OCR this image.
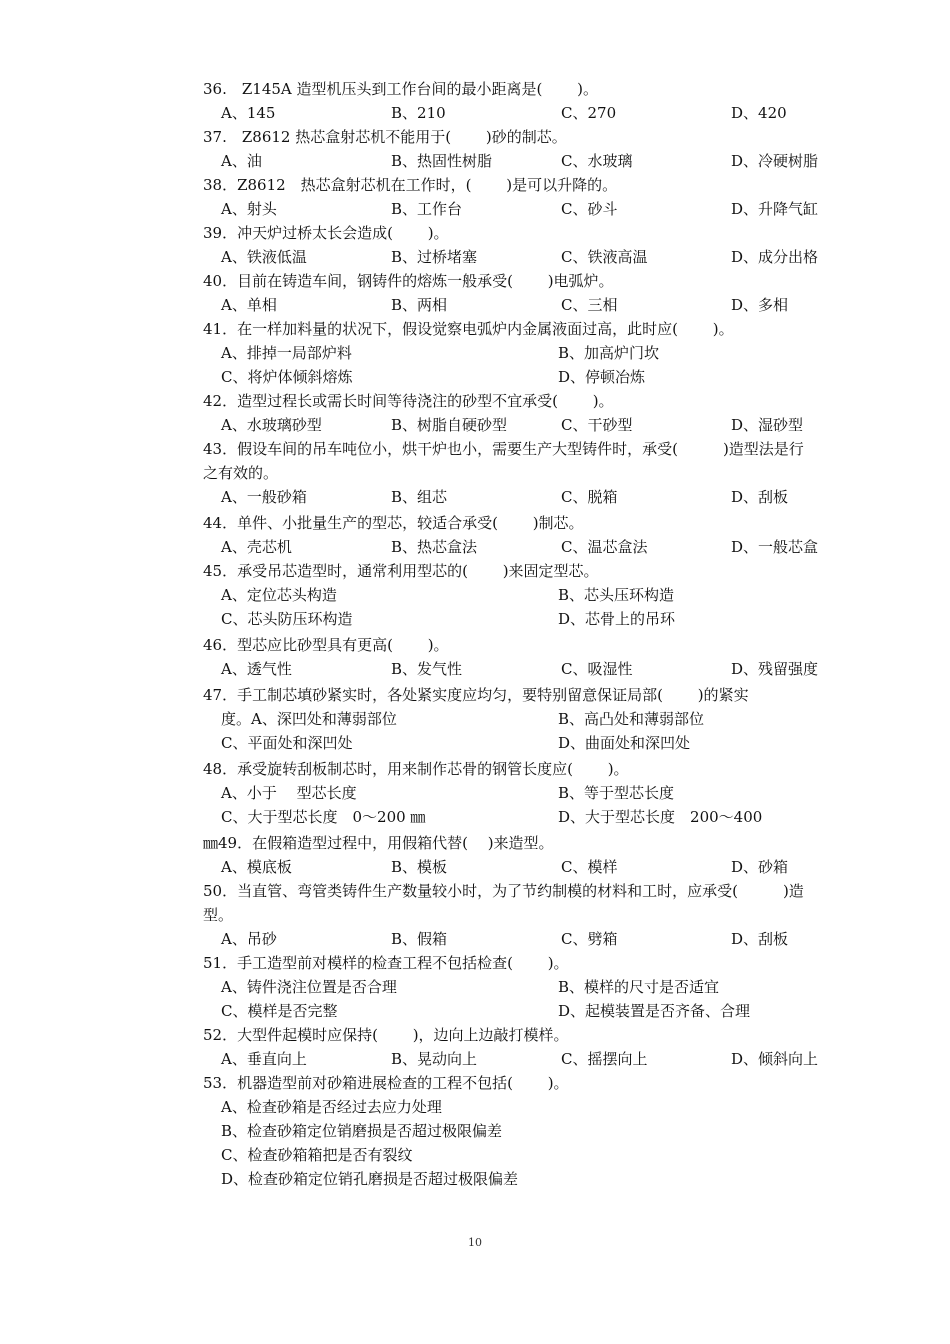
36.　Z145A 造型机压头到工作台间的最小距离是(　　 )。
A、145	B、210	C、270	D、420
37.　Z8612 热芯盒射芯机不能用于(　　 )砂的制芯。
A、油	B、热固性树脂	C、水玻璃	D、冷硬树脂
38．Z8612　热芯盒射芯机在工作时，(　　 )是可以升降的。
A、射头	B、工作台	C、砂斗	D、升降气缸
39．冲天炉过桥太长会造成(　　 )。
A、铁液低温	B、过桥堵塞	C、铁液高温	D、成分出格
40．目前在铸造车间，钢铸件的熔炼一般承受(　　 )电弧炉。
A、单相	B、两相	C、三相	D、多相
41．在一样加料量的状况下，假设觉察电弧炉内金属液面过高，此时应(　　 )。
A、排掉一局部炉料	B、加高炉门坎
C、将炉体倾斜熔炼	D、停顿冶炼
42．造型过程长或需长时间等待浇注的砂型不宜承受(　　 )。
A、水玻璃砂型	B、树脂自硬砂型	C、干砂型	D、湿砂型
43．假设车间的吊车吨位小，烘干炉也小，需要生产大型铸件时，承受(　　　)造型法是行
之有效的。
A、一般砂箱	B、组芯	C、脱箱	D、刮板
44．单件、小批量生产的型芯，较适合承受(　　 )制芯。
A、壳芯机	B、热芯盒法	C、温芯盒法	D、一般芯盒
45．承受吊芯造型时，通常利用型芯的(　　 )来固定型芯。
A、定位芯头构造	B、芯头压环构造
C、芯头防压环构造	D、芯骨上的吊环
46．型芯应比砂型具有更高(　　 )。
A、透气性	B、发气性	C、吸湿性	D、残留强度
47．手工制芯填砂紧实时，各处紧实度应均匀，要特别留意保证局部(　　 )的紧实
度。A、深凹处和薄弱部位	B、高凸处和薄弱部位
C、平面处和深凹处	D、曲面处和深凹处
48．承受旋转刮板制芯时，用来制作芯骨的钢管长度应(　　 )。
A、小于　 型芯长度	B、等于型芯长度
C、大于型芯长度　0～200 ㎜	D、大于型芯长度　200～400
㎜49．在假箱造型过程中，用假箱代替(　 )来造型。
A、模底板	B、模板	C、模样	D、砂箱
50．当直管、弯管类铸件生产数量较小时，为了节约制模的材料和工时，应承受(　　　)造
型。
A、吊砂	B、假箱	C、劈箱	D、刮板
51．手工造型前对模样的检查工程不包括检查(　　 )。
A、铸件浇注位置是否合理	B、模样的尺寸是否适宜
C、模样是否完整	D、起模装置是否齐备、合理
52．大型件起模时应保持(　　 )，边向上边敲打模样。
A、垂直向上	B、晃动向上	C、摇摆向上	D、倾斜向上
53．机器造型前对砂箱进展检查的工程不包括(　　 )。
A、检查砂箱是否经过去应力处理
B、检查砂箱定位销磨损是否超过极限偏差
C、检查砂箱箱把是否有裂纹
D、检查砂箱定位销孔磨损是否超过极限偏差
10
